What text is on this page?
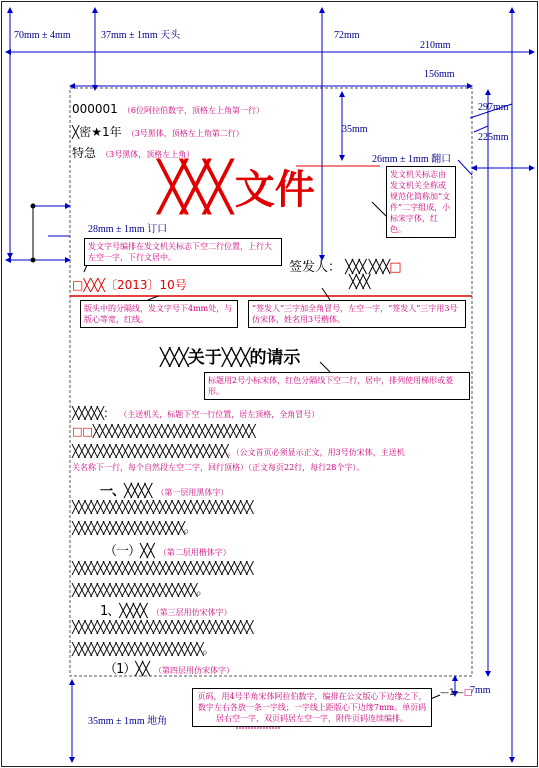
70mm ± 4mm	37mm ± 1mm 天头	72mm
210mm
156mm
297mm
35mm
225mm
26mm ± 1mm 翻口
28mm ± 1mm 订口
35mm ± 1mm 地角
7mm
000001 （6位阿拉伯数字，顶格左上角第一行）
╳密★1年 （3号黑体，顶格左上角第二行）
特急 （3号黑体，顶格左上角）
╳╳╳ 文件	发文机关标志由发文机关全称或规范化简称加“文件”二字组成，小标宋字体，红色。
发文字号编排在发文机关标志下空二行位置，上行大左空一字，下行文居中。
版头中的分隔线，发文字号下4mm处，与版心等宽，红线。
“签发人”三字加全角冒号，左空一字，“签发人”三字用3号仿宋体，姓名用3号楷体。
标题用2号小标宋体，红色分隔线下空二行，居中，排列使用梯形或菱形。
页码，用4号半角宋体阿拉伯数字，编排在公文版心下边缘之下，数字左右各放一条一字线；一字线上距版心下边缘7mm。单页码居右空一字，双页码居左空一字，附件页码连续编排。
□╳╳╳〔2013〕10号
签发人： ╳╳╳ ╳╳╳□
╳╳╳
╳╳╳关于╳╳╳的请示
╳╳╳╳╳： （主送机关，标题下空一行位置，居左顶格，全角冒号）
□□╳╳╳╳╳╳╳╳╳╳╳╳╳╳╳╳╳╳╳╳╳╳╳╳╳╳
╳╳╳╳╳╳╳╳╳╳╳╳╳╳╳╳╳╳╳╳╳╳╳╳╳。（公文首页必须显示正文，用3号仿宋体，主送机
关名称下一行，每个自然段左空二字，回行顶格）（正文每页22行，每行28个字）。
一、╳╳╳╳ （第一层用黑体字）
╳╳╳╳╳╳╳╳╳╳╳╳╳╳╳╳╳╳╳╳╳╳╳╳╳╳╳╳╳
╳╳╳╳╳╳╳╳╳╳╳╳╳╳╳╳╳╳。
（一）╳╳ （第二层用楷体字）
╳╳╳╳╳╳╳╳╳╳╳╳╳╳╳╳╳╳╳╳╳╳╳╳╳╳╳╳╳
╳╳╳╳╳╳╳╳╳╳╳╳╳╳╳╳╳╳╳╳。
1、╳╳╳╳ （第三层用仿宋体字）
╳╳╳╳╳╳╳╳╳╳╳╳╳╳╳╳╳╳╳╳╳╳╳╳╳╳╳╳╳
╳╳╳╳╳╳╳╳╳╳╳╳╳╳╳╳╳╳╳╳╳。
（1）╳╳ （第四层用仿宋体字）
—1—□
